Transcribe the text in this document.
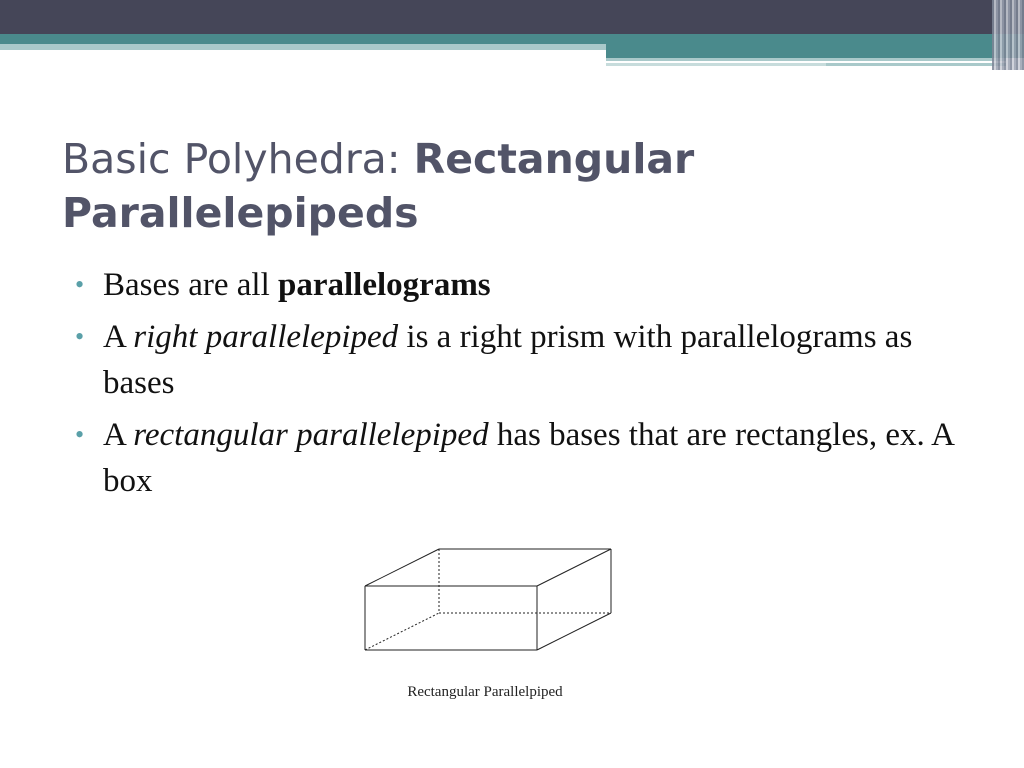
Basic Polyhedra: Rectangular Parallelepipeds
• Bases are all parallelograms
• A right parallelepiped is a right prism with parallelograms as bases
• A rectangular parallelepiped has bases that are rectangles, ex. A box
Rectangular Parallelpiped
